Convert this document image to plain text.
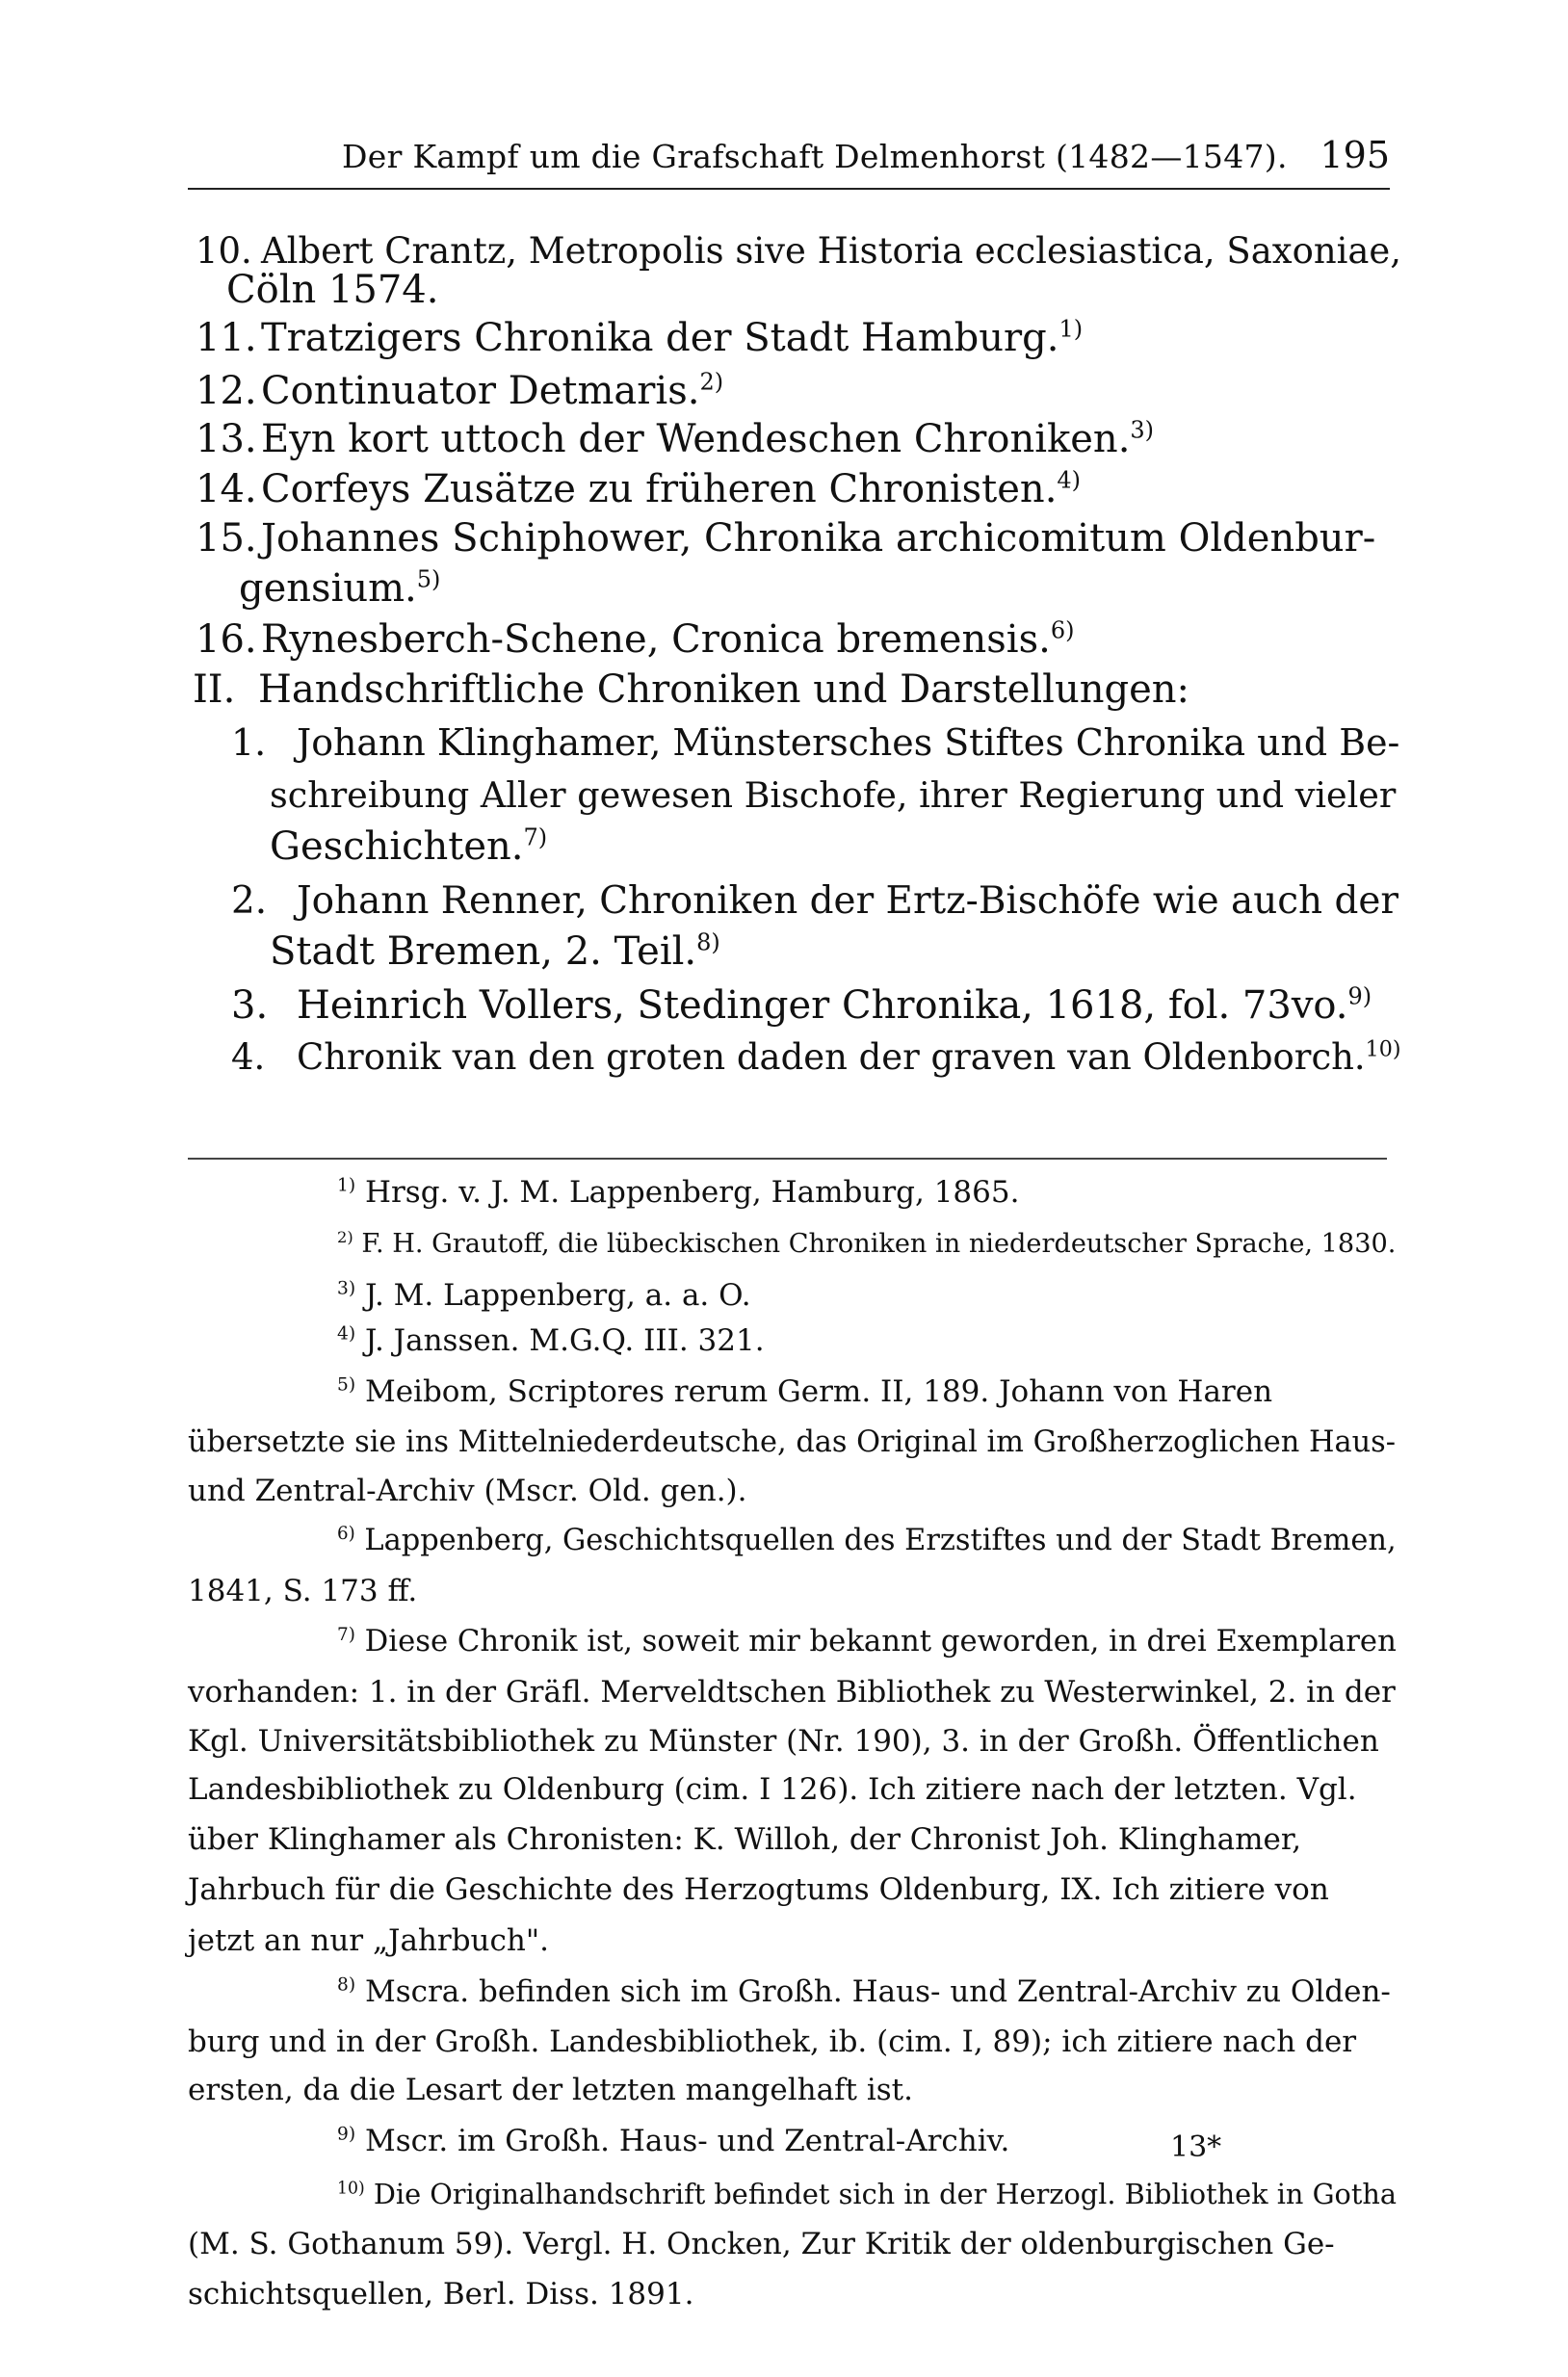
Der Kampf um die Grafschaft Delmenhorst (1482—1547). 195
10. Albert Crantz, Metropolis sive Historia ecclesiastica, Saxoniae,
Cöln 1574.
11. Tratzigers Chronika der Stadt Hamburg.$^{1)}$
12. Continuator Detmaris.$^{2)}$
13. Eyn kort uttoch der Wendeschen Chroniken.$^{3)}$
14. Corfeys Zusätze zu früheren Chronisten.$^{4)}$
15. Johannes Schiphower, Chronika archicomitum Oldenbur-
gensium.$^{5)}$
16. Rynesberch-Schene, Cronica bremensis.$^{6)}$
II. Handschriftliche Chroniken und Darstellungen:
1. Johann Klinghamer, Münstersches Stiftes Chronika und Be-
schreibung Aller gewesen Bischofe, ihrer Regierung und vieler
Geschichten.$^{7)}$
2. Johann Renner, Chroniken der Ertz-Bischöfe wie auch der
Stadt Bremen, 2. Teil.$^{8)}$
3. Heinrich Vollers, Stedinger Chronika, 1618, fol. 73vo.$^{9)}$
4. Chronik van den groten daden der graven van Oldenborch.$^{10)}$
$^{1)}$ Hrsg. v. J. M. Lappenberg, Hamburg, 1865.
$^{2)}$ F. H. Grautoff, die lübeckischen Chroniken in niederdeutscher Sprache, 1830.
$^{3)}$ J. M. Lappenberg, a. a. O.
$^{4)}$ J. Janssen. M.G.Q. III. 321.
$^{5)}$ Meibom, Scriptores rerum Germ. II, 189. Johann von Haren
übersetzte sie ins Mittelniederdeutsche, das Original im Großherzoglichen Haus-
und Zentral-Archiv (Mscr. Old. gen.).
$^{6)}$ Lappenberg, Geschichtsquellen des Erzstiftes und der Stadt Bremen,
1841, S. 173 ff.
$^{7)}$ Diese Chronik ist, soweit mir bekannt geworden, in drei Exemplaren
vorhanden: 1. in der Gräfl. Merveldtschen Bibliothek zu Westerwinkel, 2. in der
Kgl. Universitätsbibliothek zu Münster (Nr. 190), 3. in der Großh. Öffentlichen
Landesbibliothek zu Oldenburg (cim. I 126). Ich zitiere nach der letzten. Vgl.
über Klinghamer als Chronisten: K. Willoh, der Chronist Joh. Klinghamer,
Jahrbuch für die Geschichte des Herzogtums Oldenburg, IX. Ich zitiere von
jetzt an nur „Jahrbuch".
$^{8)}$ Mscra. befinden sich im Großh. Haus- und Zentral-Archiv zu Olden-
burg und in der Großh. Landesbibliothek, ib. (cim. I, 89); ich zitiere nach der
ersten, da die Lesart der letzten mangelhaft ist.
$^{9)}$ Mscr. im Großh. Haus- und Zentral-Archiv.
$^{10)}$ Die Originalhandschrift befindet sich in der Herzogl. Bibliothek in Gotha
(M. S. Gothanum 59). Vergl. H. Oncken, Zur Kritik der oldenburgischen Ge-
schichtsquellen, Berl. Diss. 1891.
13*
